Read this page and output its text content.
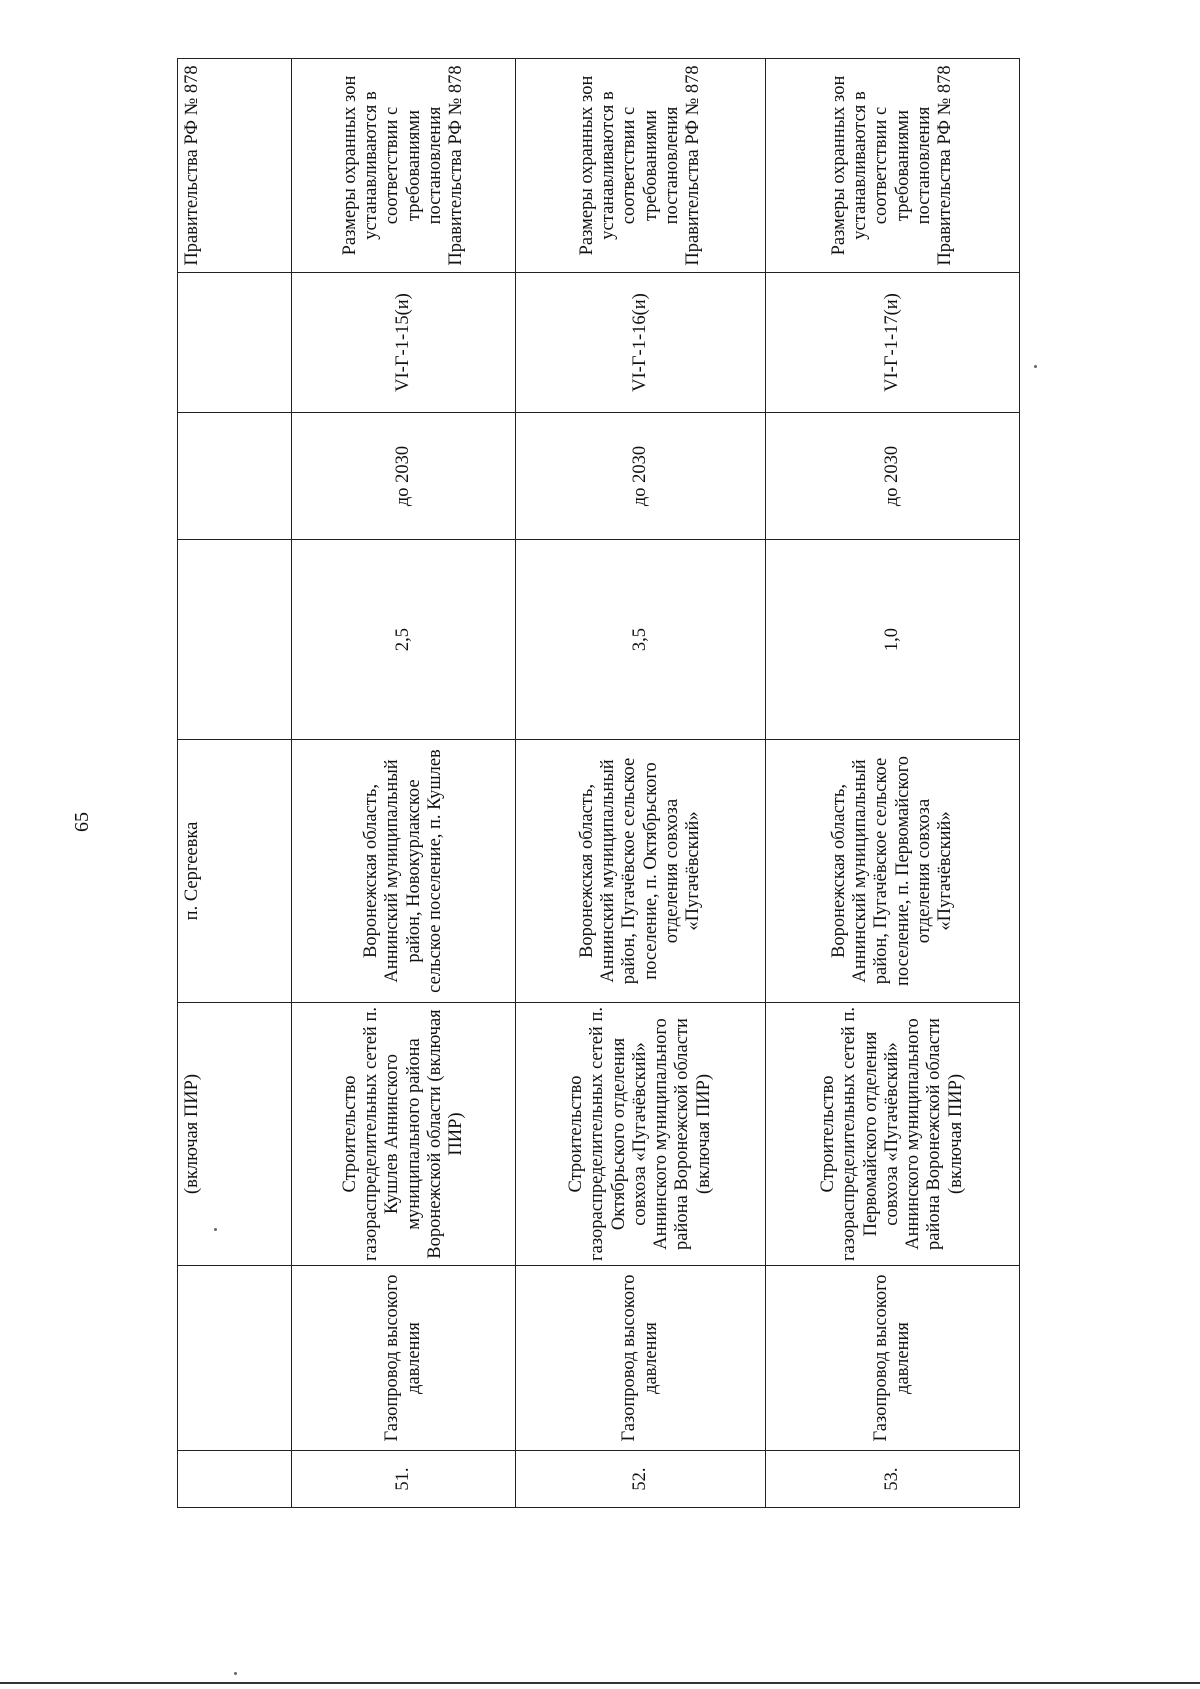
65
		(включая ПИР)	п. Сергеевка				Правительства РФ № 878
51.	Газопровод высокого давления	Строительство газораспределительных сетей п. Кушлев Аннинского муниципального района Воронежской области (включая ПИР)	Воронежская область, Аннинский муниципальный район, Новокурлакское сельское поселение, п. Кушлев	2,5	до 2030	VI-Г-1-15(и)	Размеры охранных зон устанавливаются в соответствии с требованиями постановления Правительства РФ № 878
52.	Газопровод высокого давления	Строительство газораспределительных сетей п. Октябрьского отделения совхоза «Пугачёвский» Аннинского муниципального района Воронежской области (включая ПИР)	Воронежская область, Аннинский муниципальный район, Пугачёвское сельское поселение, п. Октябрьского отделения совхоза «Пугачёвский»	3,5	до 2030	VI-Г-1-16(и)	Размеры охранных зон устанавливаются в соответствии с требованиями постановления Правительства РФ № 878
53.	Газопровод высокого давления	Строительство газораспределительных сетей п. Первомайского отделения совхоза «Пугачёвский» Аннинского муниципального района Воронежской области (включая ПИР)	Воронежская область, Аннинский муниципальный район, Пугачёвское сельское поселение, п. Первомайского отделения совхоза «Пугачёвский»	1,0	до 2030	VI-Г-1-17(и)	Размеры охранных зон устанавливаются в соответствии с требованиями постановления Правительства РФ № 878
